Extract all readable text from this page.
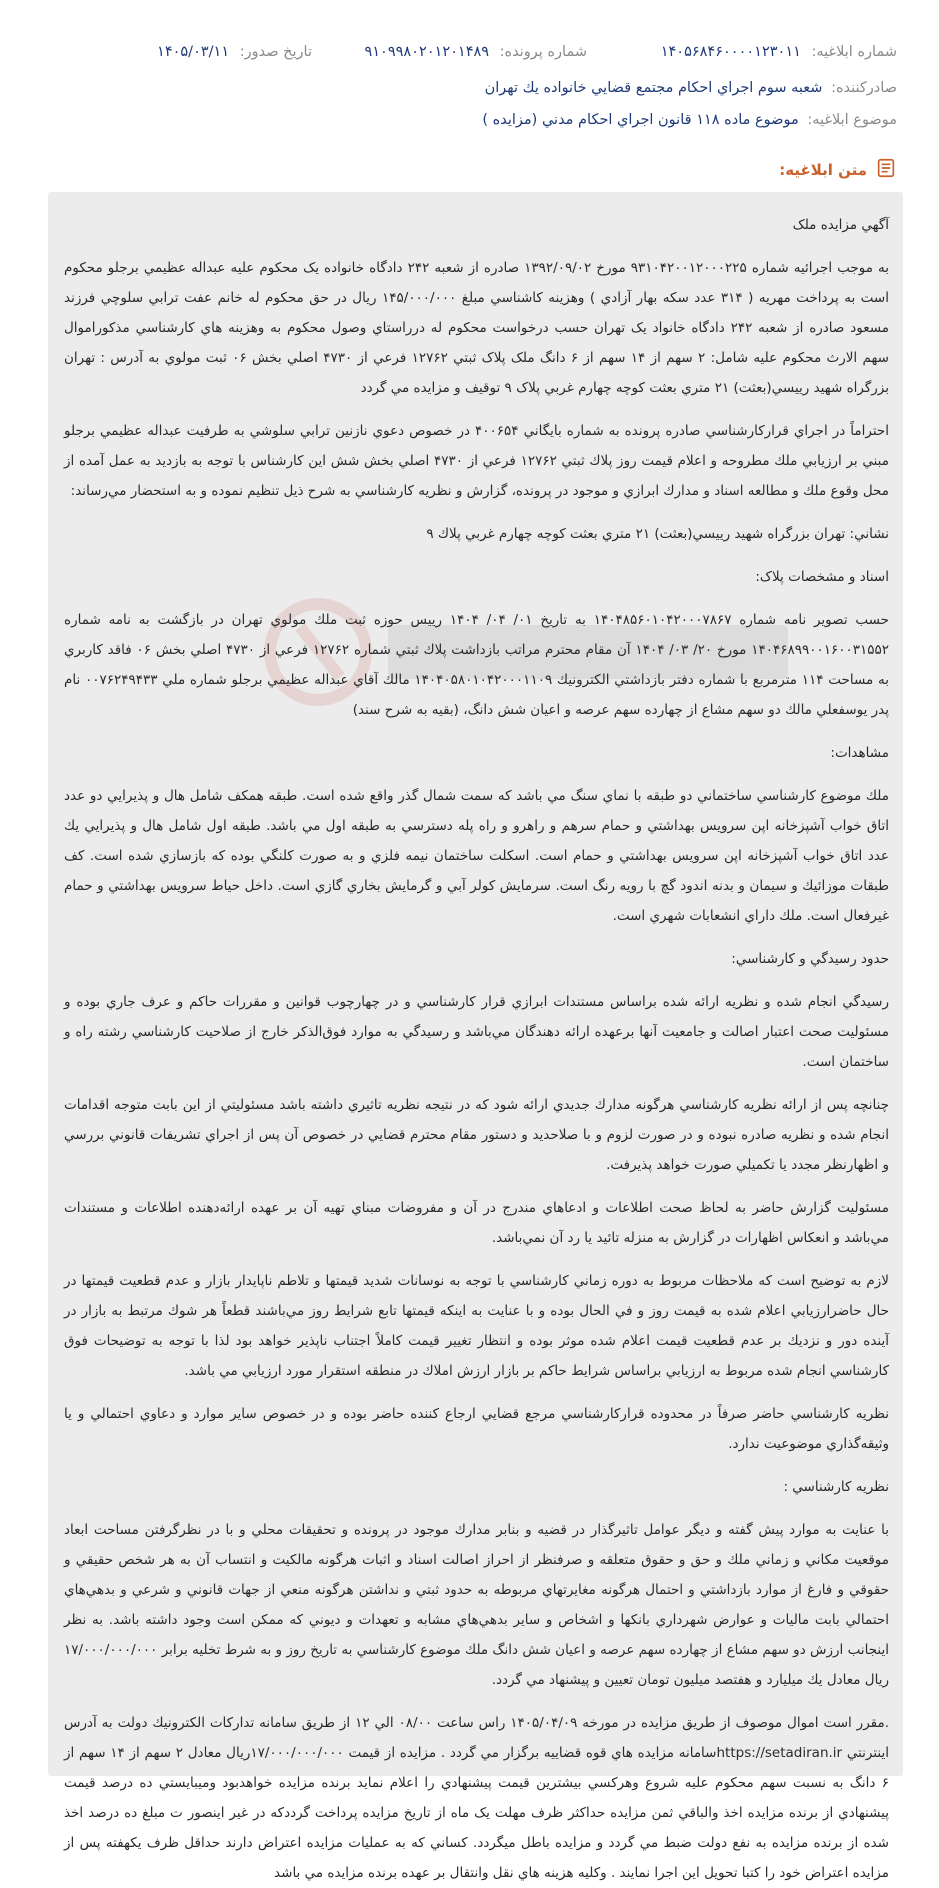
شماره ابلاغیه: ۱۴۰۵۶۸۴۶۰۰۰۰۱۲۳۰۱۱
شماره پرونده: ۹۱۰۹۹۸۰۲۰۱۲۰۱۴۸۹
تاریخ صدور: ۱۴۰۵/۰۳/۱۱
صادرکننده: شعبه سوم اجراي احکام مجتمع قضايي خانواده يك تهران
موضوع ابلاغیه: موضوع ماده ۱۱۸ قانون اجراي احکام مدني (مزايده )
متن ابلاغیه:

آگهي مزايده ملک

به موجب اجرائيه شماره ۹۳۱۰۴۲۰۰۱۲۰۰۰۲۲۵ مورخ ۱۳۹۲/۰۹/۰۲ صادره از شعبه ۲۴۲ دادگاه خانواده يک محکوم عليه عبداله عظيمي برجلو محکوم است به پرداخت مهريه ( ۳۱۴ عدد سکه بهار آزادي ) وهزينه کاشناسي مبلغ ۱۴۵/۰۰۰/۰۰۰ ريال در حق محکوم له خانم عفت ترابي سلوچي فرزند مسعود صادره از شعبه ۲۴۲ دادگاه خانواد يک تهران حسب درخواست محکوم له درراستاي وصول محکوم به وهزينه هاي کارشناسي مذکوراموال سهم الارث محکوم عليه شامل: ۲ سهم از ۱۴ سهم از ۶ دانگ ملک پلاک ثبتي ۱۲۷۶۲ فرعي از ۴۷۳۰ اصلي بخش ۰۶ ثبت مولوي به آدرس : تهران بزرگراه شهيد رييسي(بعثت) ۲۱ متري بعثت کوچه چهارم غربي پلاک ۹ توقيف و مزايده مي گردد

احتراماً در اجراي قرارکارشناسي صادره پرونده به شماره بايگاني ۴۰۰۶۵۴ در خصوص دعوي نازنين ترابي سلوشي به طرفيت عبداله عظيمي برجلو مبني بر ارزيابي ملك مطروحه و اعلام قيمت روز پلاك ثبتي ۱۲۷۶۲ فرعي از ۴۷۳۰ اصلي بخش شش اين كارشناس با توجه به بازديد به عمل آمده از محل وقوع ملك و مطالعه اسناد و مدارك ابرازي و موجود در پرونده، گزارش و نظريه كارشناسي به شرح ذيل تنظيم نموده و به استحضار مي‌رساند:

نشاني: تهران بزرگراه شهيد رييسي(بعثت) ۲۱ متري بعثت كوچه چهارم غربي پلاك ۹

اسناد و مشخصات پلاک:

حسب تصوير نامه شماره ۱۴۰۴۸۵۶۰۱۰۴۲۰۰۰۷۸۶۷ به تاريخ ۰۱/ ۰۴/ ۱۴۰۴ رييس حوزه ثبت ملك مولوي تهران در بازگشت به نامه شماره ۱۴۰۴۶۸۹۹۰۰۱۶۰۰۳۱۵۵۲ مورخ ۲۰/ ۰۳/ ۱۴۰۴ آن مقام محترم مراتب بازداشت پلاك ثبتي شماره ۱۲۷۶۲ فرعي از ۴۷۳۰ اصلي بخش ۰۶ فاقد كاربري به مساحت ۱۱۴ مترمربع با شماره دفتر بازداشتي الكترونيك ۱۴۰۴۰۵۸۰۱۰۴۲۰۰۰۱۱۰۹ مالك آقاي عبداله عظيمي برجلو شماره ملي ۰۰۷۶۲۴۹۴۳۳ نام پدر يوسفعلي مالك دو سهم مشاع از چهارده سهم عرصه و اعيان شش دانگ، (بقيه به شرح سند)

مشاهدات:

ملك موضوع كارشناسي ساختماني دو طبقه با نماي سنگ مي باشد كه سمت شمال گذر واقع شده است. طبقه همكف شامل هال و پذيرايي دو عدد اتاق خواب آشپزخانه اپن سرويس بهداشتي و حمام سرهم و راهرو و راه پله دسترسي به طبقه اول مي باشد. طبقه اول شامل هال و پذيرايي يك عدد اتاق خواب آشپزخانه اپن سرويس بهداشتي و حمام است. اسكلت ساختمان نيمه فلزي و به صورت كلنگي بوده كه بازسازي شده است. كف طبقات موزائيك و سيمان و بدنه اندود گچ با رويه رنگ است. سرمايش كولر آبي و گرمايش بخاري گازي است. داخل حياط سرويس بهداشتي و حمام غيرفعال است. ملك داراي انشعابات شهري است.

حدود رسيدگي و كارشناسي:

رسيدگي انجام شده و نظريه ارائه شده براساس مستندات ابرازي قرار كارشناسي و در چهارچوب قوانين و مقررات حاكم و عرف جاري بوده و مسئوليت صحت اعتبار اصالت و جامعيت آنها برعهده ارائه دهندگان مي‌باشد و رسيدگي به موارد فوق‌الذكر خارج از صلاحيت كارشناسي رشته راه و ساختمان است.

چنانچه پس از ارائه نظريه كارشناسي هرگونه مدارك جديدي ارائه شود كه در نتيجه نظريه تاثيري داشته باشد مسئوليتي از اين بابت متوجه اقدامات انجام شده و نظريه صادره نبوده و در صورت لزوم و با صلاحديد و دستور مقام محترم قضايي در خصوص آن پس از اجراي تشريفات قانوني بررسي و اظهارنظر مجدد يا تكميلي صورت خواهد پذيرفت.

مسئوليت گزارش حاضر به لحاظ صحت اطلاعات و ادعاهاي مندرج در آن و مفروضات مبناي تهيه آن بر عهده ارائه‌دهنده اطلاعات و مستندات مي‌باشد و انعكاس اظهارات در گزارش به منزله تائيد يا رد آن نمي‌باشد.

لازم به توضيح است كه ملاحظات مربوط به دوره زماني كارشناسي با توجه به نوسانات شديد قيمتها و تلاطم ناپايدار بازار و عدم قطعيت قيمتها در حال حاضرارزيابي اعلام شده به قيمت روز و في الحال بوده و با عنايت به اينكه قيمتها تابع شرايط روز مي‌باشند قطعاً هر شوك مرتبط به بازار در آينده دور و نزديك بر عدم قطعيت قيمت اعلام شده موثر بوده و انتظار تغيير قيمت كاملاً اجتناب ناپذير خواهد بود لذا با توجه به توضيحات فوق كارشناسي انجام شده مربوط به ارزيابي براساس شرايط حاكم بر بازار ارزش املاك در منطقه استقرار مورد ارزيابي مي باشد.

نظريه كارشناسي حاضر صرفاً در محدوده قراركارشناسي مرجع قضايي ارجاع كننده حاضر بوده و در خصوص ساير موارد و دعاوي احتمالي و يا وثيقه‌گذاري موضوعيت ندارد.

نظريه كارشناسي :

با عنايت به موارد پيش گفته و ديگر عوامل تاثيرگذار در قضيه و بنابر مدارك موجود در پرونده و تحقيقات محلي و با در نظرگرفتن مساحت ابعاد موقعيت مكاني و زماني ملك و حق و حقوق متعلقه و صرفنظر از احراز اصالت اسناد و اثبات هرگونه مالكيت و انتساب آن به هر شخص حقيقي و حقوقي و فارغ از موارد بازداشتي و احتمال هرگونه مغايرتهاي مربوطه به حدود ثبتي و نداشتن هرگونه منعي از جهات قانوني و شرعي و بدهي‌هاي احتمالي بابت ماليات و عوارض شهرداري بانكها و اشخاص و ساير بدهي‌هاي مشابه و تعهدات و ديوني كه ممكن است وجود داشته باشد. به نظر اينجانب ارزش دو سهم مشاع از چهارده سهم عرصه و اعيان شش دانگ ملك موضوع كارشناسي به تاريخ روز و به شرط تخليه برابر ۱۷/۰۰۰/۰۰۰/۰۰۰ ريال معادل يك ميليارد و هفتصد ميليون تومان تعيين و پيشنهاد مي گردد.

.مقرر است اموال موصوف از طريق مزايده در مورخه ۱۴۰۵/۰۴/۰۹ راس ساعت ۰۸/۰۰ الي ۱۲ از طريق سامانه تداركات الكترونيك دولت به آدرس اينترنتي https://setadiran.irسامانه مزايده هاي قوه قضاييه برگزار مي گردد . مزايده از قيمت ۱۷/۰۰۰/۰۰۰/۰۰۰ريال معادل ۲ سهم از ۱۴ سهم از ۶ دانگ به نسبت سهم محکوم عليه شروع وهرکسي بيشترين قيمت پيشنهادي را اعلام نمايد برنده مزايده خواهدبود وميبايستي ده درصد قيمت پيشنهادي از برنده مزايده اخذ والباقي ثمن مزايده حداکثر ظرف مهلت يک ماه از تاريخ مزايده پرداخت گرددکه در غير اينصور ت مبلغ ده درصد اخذ شده از برنده مزايده به نفع دولت ضبط مي گردد و مزايده باطل ميگردد. کساني که به عمليات مزايده اعتراض دارند حداقل ظرف يکهفته پس از مزايده اعتراض خود را کتبا تحويل اين اجرا نمايند . وکليه هزينه هاي نقل وانتقال بر عهده برنده مزايده مي باشد
